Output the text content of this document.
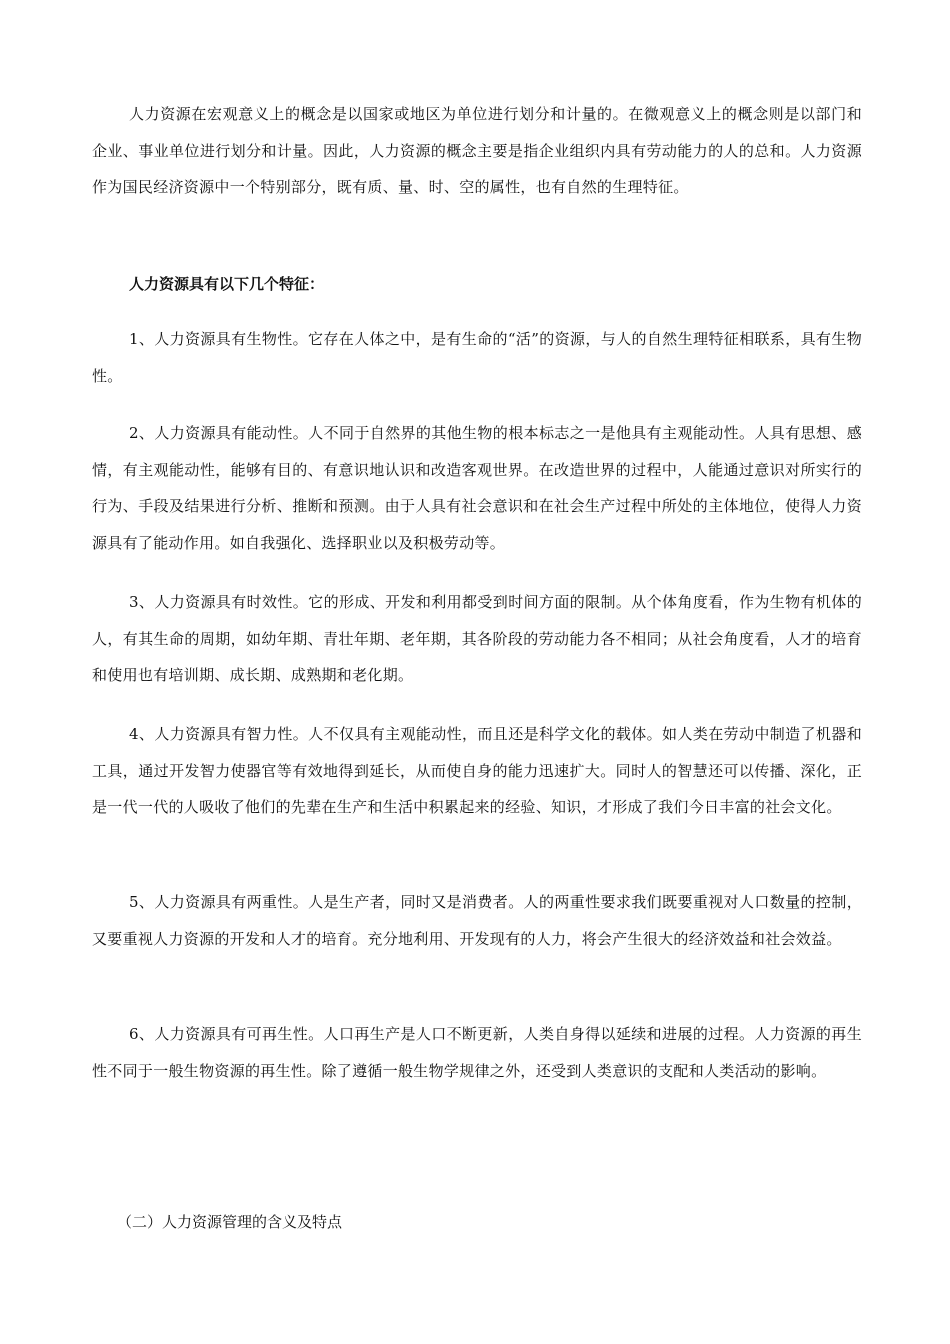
人力资源在宏观意义上的概念是以国家或地区为单位进行划分和计量的。在微观意义上的概念则是以部门和企业、事业单位进行划分和计量。因此，人力资源的概念主要是指企业组织内具有劳动能力的人的总和。人力资源作为国民经济资源中一个特别部分，既有质、量、时、空的属性，也有自然的生理特征。

人力资源具有以下几个特征：

1、人力资源具有生物性。它存在人体之中，是有生命的“活”的资源，与人的自然生理特征相联系，具有生物性。

2、人力资源具有能动性。人不同于自然界的其他生物的根本标志之一是他具有主观能动性。人具有思想、感情，有主观能动性，能够有目的、有意识地认识和改造客观世界。在改造世界的过程中，人能通过意识对所实行的行为、手段及结果进行分析、推断和预测。由于人具有社会意识和在社会生产过程中所处的主体地位，使得人力资源具有了能动作用。如自我强化、选择职业以及积极劳动等。

3、人力资源具有时效性。它的形成、开发和利用都受到时间方面的限制。从个体角度看，作为生物有机体的人，有其生命的周期，如幼年期、青壮年期、老年期，其各阶段的劳动能力各不相同；从社会角度看，人才的培育和使用也有培训期、成长期、成熟期和老化期。

4、人力资源具有智力性。人不仅具有主观能动性，而且还是科学文化的载体。如人类在劳动中制造了机器和工具，通过开发智力使器官等有效地得到延长，从而使自身的能力迅速扩大。同时人的智慧还可以传播、深化，正是一代一代的人吸收了他们的先辈在生产和生活中积累起来的经验、知识，才形成了我们今日丰富的社会文化。

5、人力资源具有两重性。人是生产者，同时又是消费者。人的两重性要求我们既要重视对人口数量的控制，又要重视人力资源的开发和人才的培育。充分地利用、开发现有的人力，将会产生很大的经济效益和社会效益。

6、人力资源具有可再生性。人口再生产是人口不断更新，人类自身得以延续和进展的过程。人力资源的再生性不同于一般生物资源的再生性。除了遵循一般生物学规律之外，还受到人类意识的支配和人类活动的影响。

（二）人力资源管理的含义及特点
